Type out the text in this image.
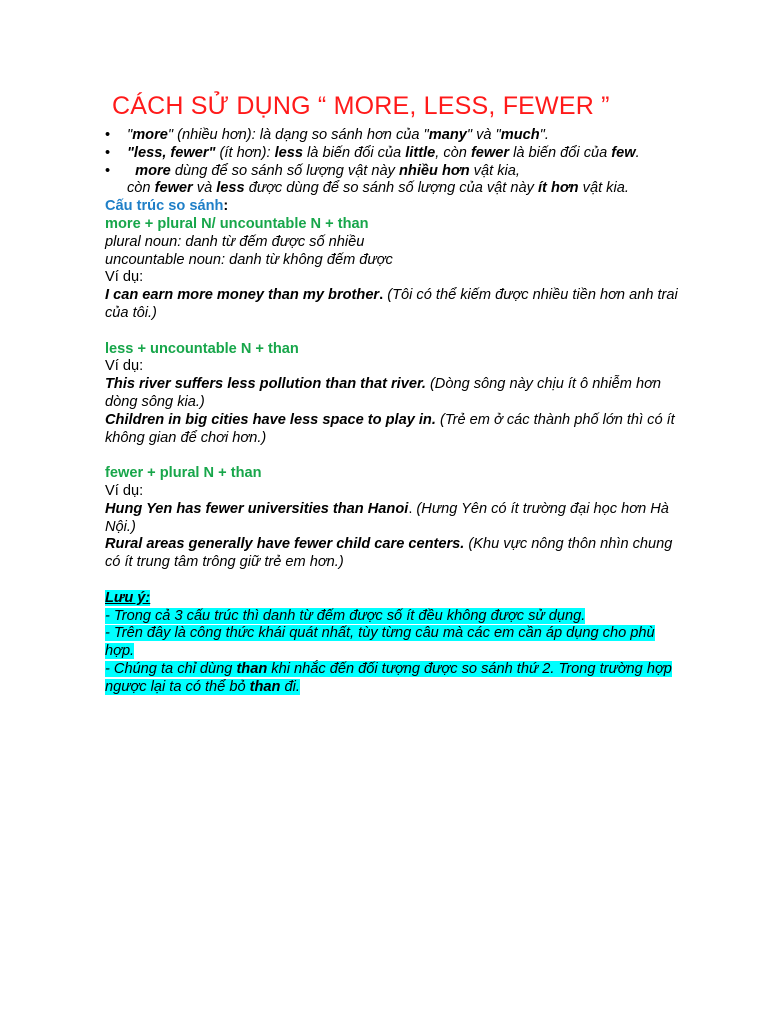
CÁCH SỬ DỤNG “ MORE, LESS, FEWER ”
• "more" (nhiều hơn): là dạng so sánh hơn của "many" và "much".
• "less, fewer" (ít hơn): less là biến đổi của little, còn fewer là biến đổi của few.
• more dùng để so sánh số lượng vật này nhiều hơn vật kia,
còn fewer và less được dùng để so sánh số lượng của vật này ít hơn vật kia.
Cấu trúc so sánh:
more + plural N/ uncountable N + than
plural noun: danh từ đếm được số nhiều
uncountable noun: danh từ không đếm được
Ví dụ:
I can earn more money than my brother. (Tôi có thể kiếm được nhiều tiền hơn anh trai của tôi.)
less + uncountable N + than
Ví dụ:
This river suffers less pollution than that river. (Dòng sông này chịu ít ô nhiễm hơn dòng sông kia.)
Children in big cities have less space to play in. (Trẻ em ở các thành phố lớn thì có ít không gian để chơi hơn.)
fewer + plural N + than
Ví dụ:
Hung Yen has fewer universities than Hanoi. (Hưng Yên có ít trường đại học hơn Hà Nội.)
Rural areas generally have fewer child care centers. (Khu vực nông thôn nhìn chung có ít trung tâm trông giữ trẻ em hơn.)
Lưu ý:
- Trong cả 3 cấu trúc thì danh từ đếm được số ít đều không được sử dụng.
- Trên đây là công thức khái quát nhất, tùy từng câu mà các em cần áp dụng cho phù hợp.
- Chúng ta chỉ dùng than khi nhắc đến đối tượng được so sánh thứ 2. Trong trường hợp ngược lại ta có thể bỏ than đi.
